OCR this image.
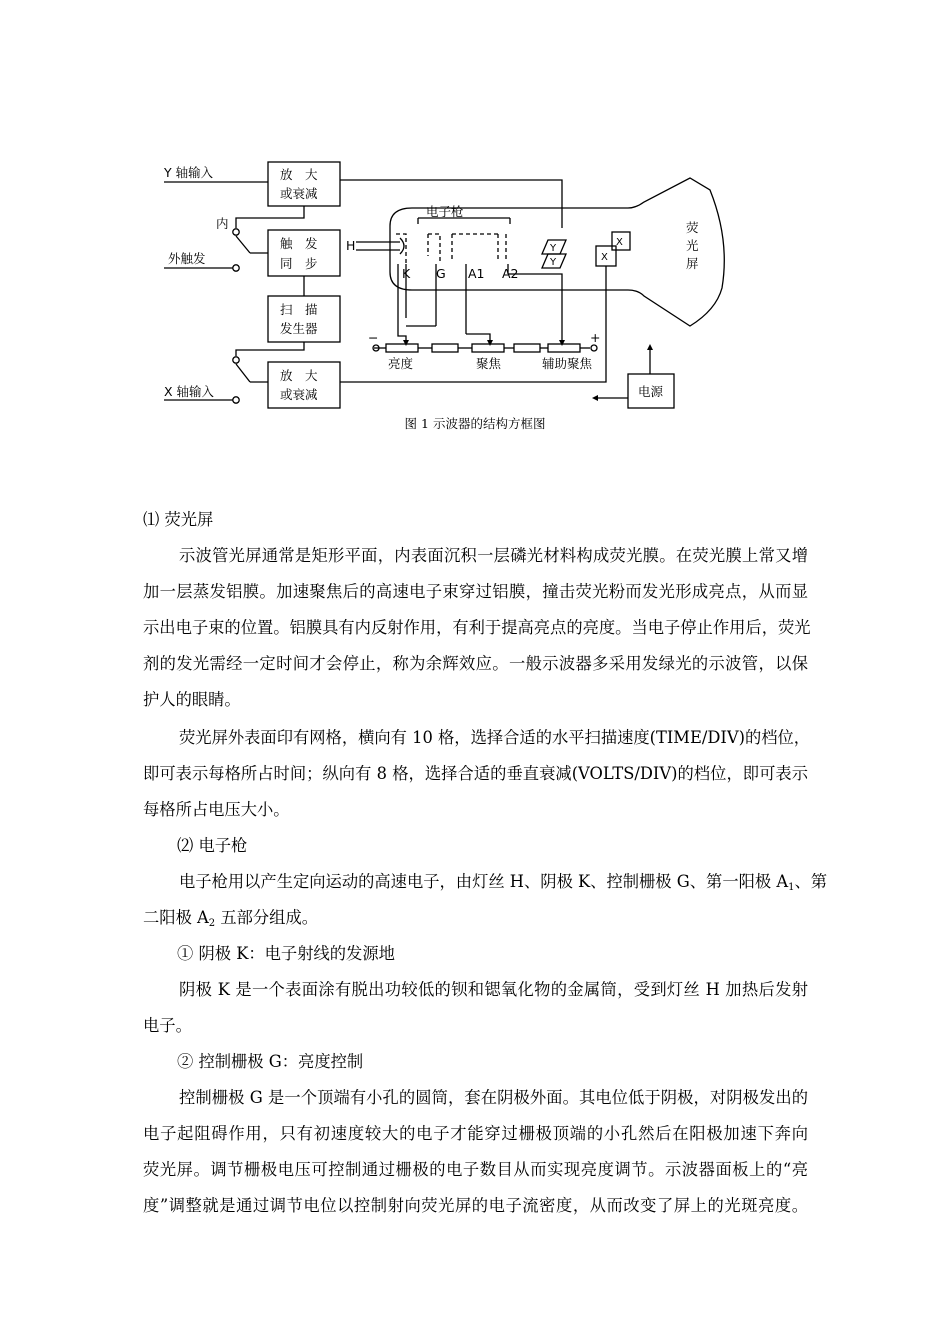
Y 轴输入	放　大
或衰减
内
外触发
触　发
同　步
扫　描
发生器
放　大
或衰减
X 轴输入
电子枪
H
K G A1 A2
Y
Y	X
X
荧
光
屏
−	+
亮度	聚焦	辅助聚焦
电源
图 1 示波器的结构方框图
⑴ 荧光屏
示波管光屏通常是矩形平面，内表面沉积一层磷光材料构成荧光膜。在荧光膜上常又增
加一层蒸发铝膜。加速聚焦后的高速电子束穿过铝膜，撞击荧光粉而发光形成亮点，从而显
示出电子束的位置。铝膜具有内反射作用，有利于提高亮点的亮度。当电子停止作用后，荧光
剂的发光需经一定时间才会停止，称为余辉效应。一般示波器多采用发绿光的示波管，以保
护人的眼睛。
荧光屏外表面印有网格，横向有 10 格，选择合适的水平扫描速度(TIME/DIV)的档位，
即可表示每格所占时间；纵向有 8 格，选择合适的垂直衰减(VOLTS/DIV)的档位，即可表示
每格所占电压大小。
⑵ 电子枪
电子枪用以产生定向运动的高速电子，由灯丝 H、阴极 K、控制栅极 G、第一阳极 $A_1$、第
二阳极 $A_2$ 五部分组成。
① 阴极 K：电子射线的发源地
阴极 K 是一个表面涂有脱出功较低的钡和锶氧化物的金属筒，受到灯丝 H 加热后发射
电子。
② 控制栅极 G：亮度控制
控制栅极 G 是一个顶端有小孔的圆筒，套在阴极外面。其电位低于阴极，对阴极发出的
电子起阻碍作用，只有初速度较大的电子才能穿过栅极顶端的小孔然后在阳极加速下奔向
荧光屏。调节栅极电压可控制通过栅极的电子数目从而实现亮度调节。示波器面板上的“亮
度”调整就是通过调节电位以控制射向荧光屏的电子流密度，从而改变了屏上的光斑亮度。
